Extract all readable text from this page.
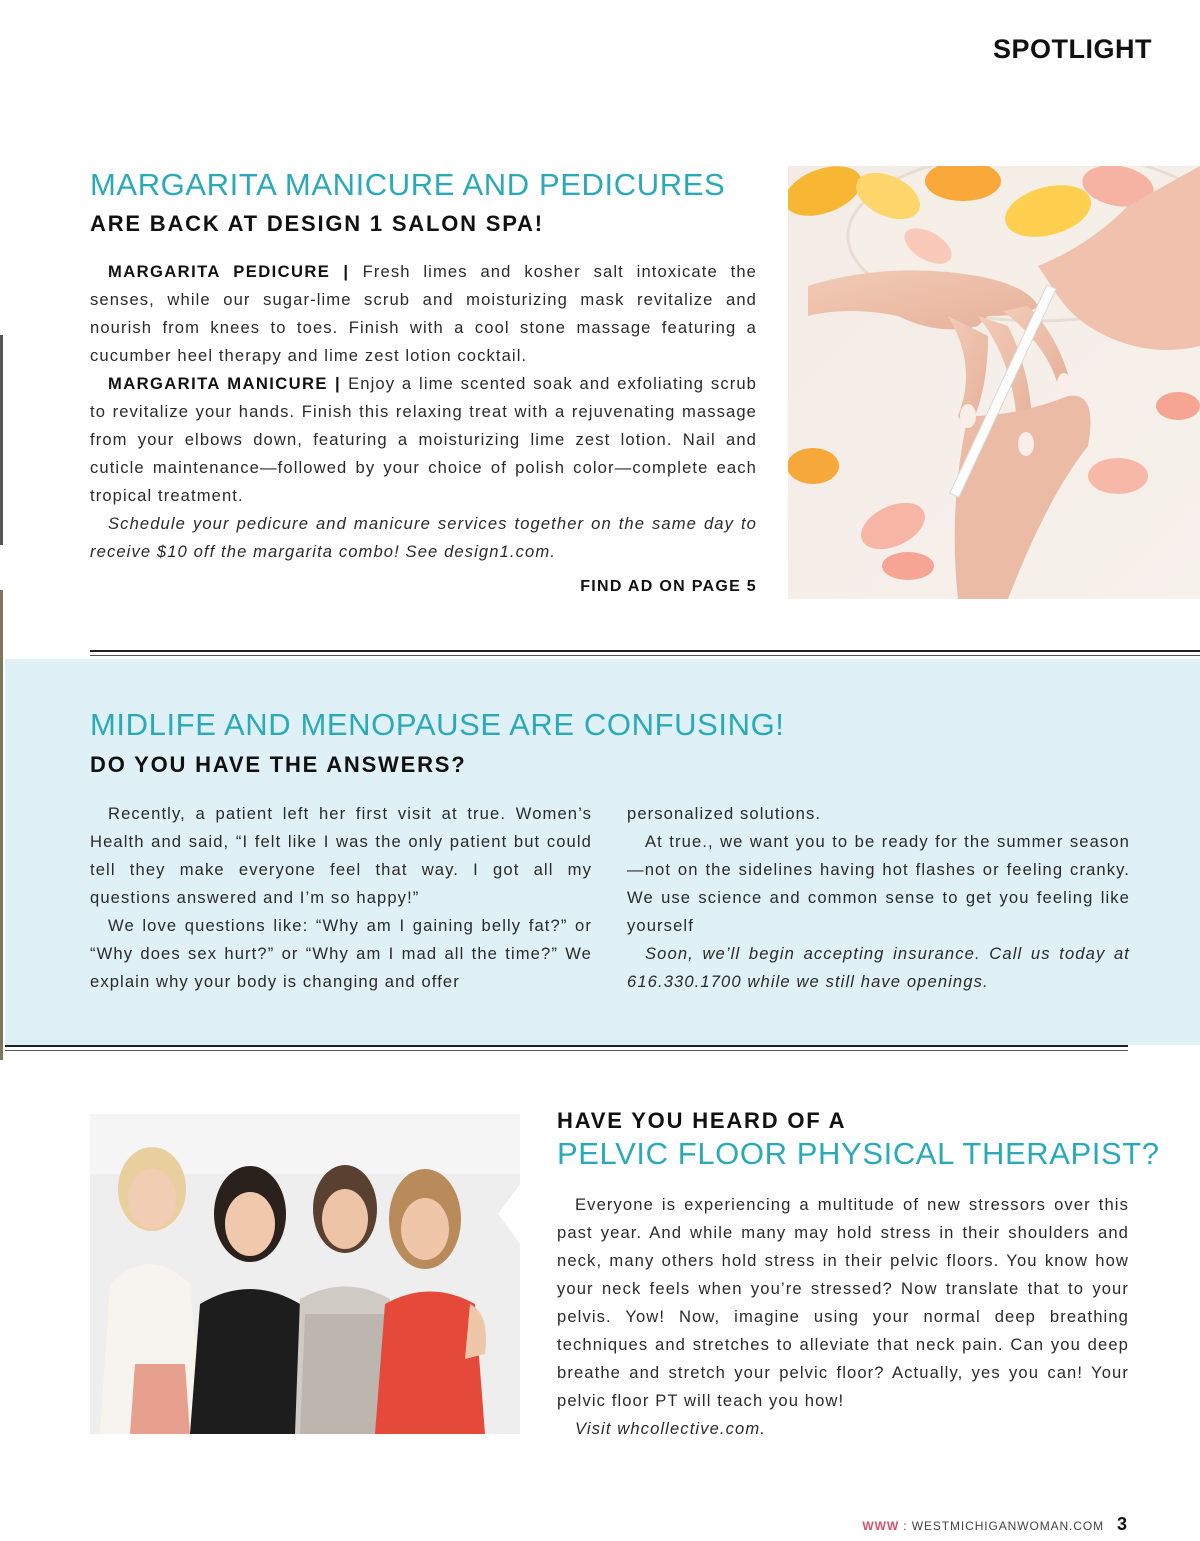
SPOTLIGHT
MARGARITA MANICURE AND PEDICURES
ARE BACK AT DESIGN 1 SALON SPA!

MARGARITA PEDICURE | Fresh limes and kosher salt intoxicate the senses, while our sugar-lime scrub and moisturizing mask revitalize and nourish from knees to toes. Finish with a cool stone massage featuring a cucumber heel therapy and lime zest lotion cocktail.

MARGARITA MANICURE | Enjoy a lime scented soak and exfoliating scrub to revitalize your hands. Finish this relaxing treat with a rejuvenating massage from your elbows down, featuring a moisturizing lime zest lotion. Nail and cuticle maintenance—followed by your choice of polish color—complete each tropical treatment.

Schedule your pedicure and manicure services together on the same day to receive $10 off the margarita combo! See design1.com.

FIND AD ON PAGE 5
MIDLIFE AND MENOPAUSE ARE CONFUSING!
DO YOU HAVE THE ANSWERS?

Recently, a patient left her first visit at true. Women’s Health and said, “I felt like I was the only patient but could tell they make everyone feel that way. I got all my questions answered and I’m so happy!”

We love questions like: “Why am I gaining belly fat?” or “Why does sex hurt?” or “Why am I mad all the time?” We explain why your body is changing and offer

personalized solutions.

At true., we want you to be ready for the summer season—not on the sidelines having hot flashes or feeling cranky. We use science and common sense to get you feeling like yourself

Soon, we’ll begin accepting insurance. Call us today at 616.330.1700 while we still have openings.

HAVE YOU HEARD OF A
PELVIC FLOOR PHYSICAL THERAPIST?

Everyone is experiencing a multitude of new stressors over this past year. And while many may hold stress in their shoulders and neck, many others hold stress in their pelvic floors. You know how your neck feels when you’re stressed? Now translate that to your pelvis. Yow! Now, imagine using your normal deep breathing techniques and stretches to alleviate that neck pain. Can you deep breathe and stretch your pelvic floor? Actually, yes you can! Your pelvic floor PT will teach you how!

Visit whcollective.com.

WWW : WESTMICHIGANWOMAN.COM 3
